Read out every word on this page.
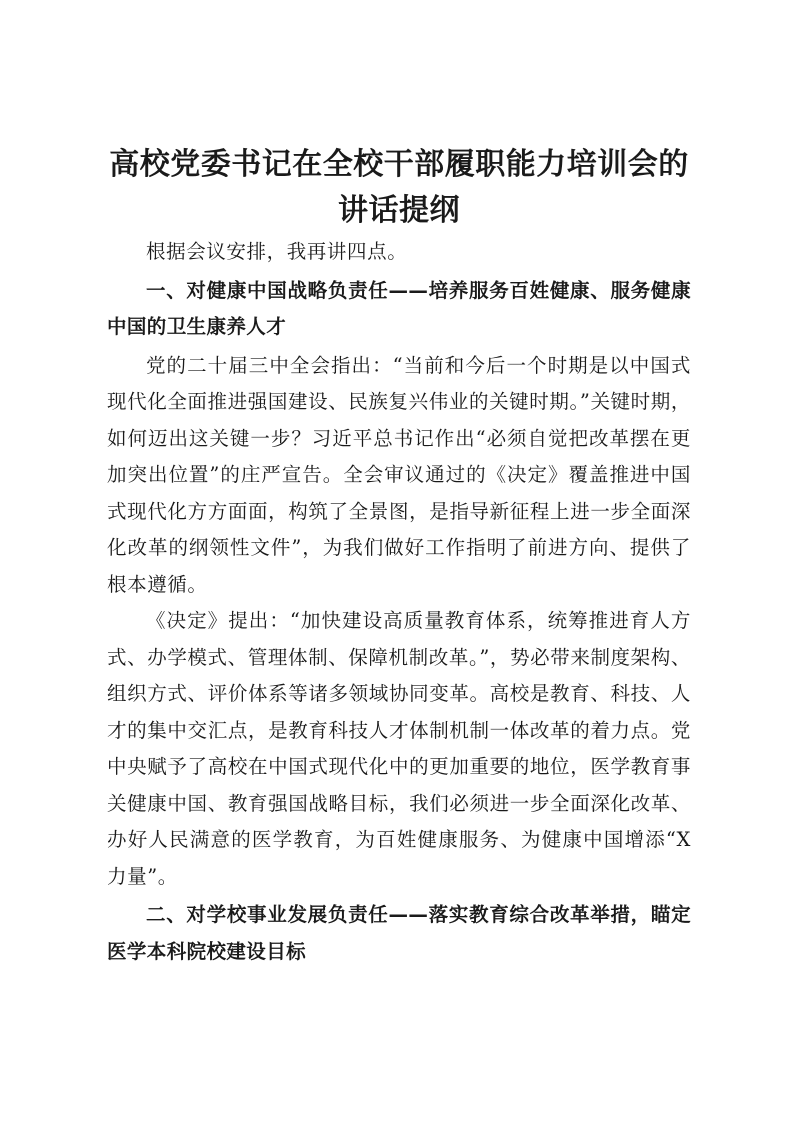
高校党委书记在全校干部履职能力培训会的讲话提纲

根据会议安排，我再讲四点。

一、对健康中国战略负责任——培养服务百姓健康、服务健康中国的卫生康养人才

党的二十届三中全会指出：“当前和今后一个时期是以中国式现代化全面推进强国建设、民族复兴伟业的关键时期。”关键时期，如何迈出这关键一步？习近平总书记作出“必须自觉把改革摆在更加突出位置”的庄严宣告。全会审议通过的《决定》覆盖推进中国式现代化方方面面，构筑了全景图，是指导新征程上进一步全面深化改革的纲领性文件”，为我们做好工作指明了前进方向、提供了根本遵循。

《决定》提出：“加快建设高质量教育体系，统筹推进育人方式、办学模式、管理体制、保障机制改革。”，势必带来制度架构、组织方式、评价体系等诸多领域协同变革。高校是教育、科技、人才的集中交汇点，是教育科技人才体制机制一体改革的着力点。党中央赋予了高校在中国式现代化中的更加重要的地位，医学教育事关健康中国、教育强国战略目标，我们必须进一步全面深化改革、办好人民满意的医学教育，为百姓健康服务、为健康中国增添“X力量”。

二、对学校事业发展负责任——落实教育综合改革举措，瞄定医学本科院校建设目标
